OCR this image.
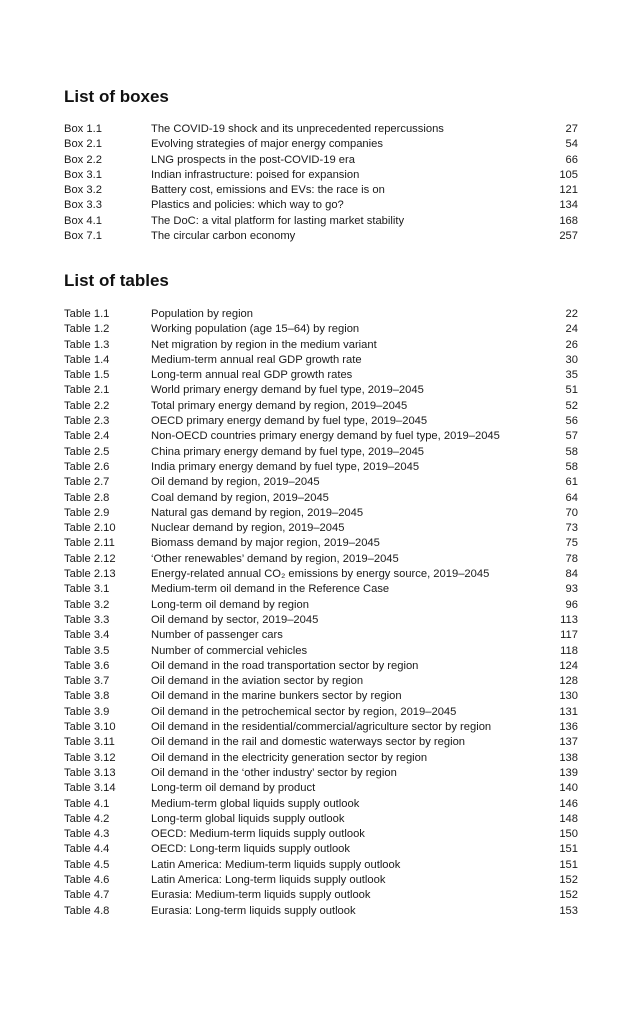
List of boxes
Box 1.1	The COVID-19 shock and its unprecedented repercussions	27
Box 2.1	Evolving strategies of major energy companies	54
Box 2.2	LNG prospects in the post-COVID-19 era	66
Box 3.1	Indian infrastructure: poised for expansion	105
Box 3.2	Battery cost, emissions and EVs: the race is on	121
Box 3.3	Plastics and policies: which way to go?	134
Box 4.1	The DoC: a vital platform for lasting market stability	168
Box 7.1	The circular carbon economy	257
List of tables
Table 1.1	Population by region	22
Table 1.2	Working population (age 15–64) by region	24
Table 1.3	Net migration by region in the medium variant	26
Table 1.4	Medium-term annual real GDP growth rate	30
Table 1.5	Long-term annual real GDP growth rates	35
Table 2.1	World primary energy demand by fuel type, 2019–2045	51
Table 2.2	Total primary energy demand by region, 2019–2045	52
Table 2.3	OECD primary energy demand by fuel type, 2019–2045	56
Table 2.4	Non-OECD countries primary energy demand by fuel type, 2019–2045	57
Table 2.5	China primary energy demand by fuel type, 2019–2045	58
Table 2.6	India primary energy demand by fuel type, 2019–2045	58
Table 2.7	Oil demand by region, 2019–2045	61
Table 2.8	Coal demand by region, 2019–2045	64
Table 2.9	Natural gas demand by region, 2019–2045	70
Table 2.10	Nuclear demand by region, 2019–2045	73
Table 2.11	Biomass demand by major region, 2019–2045	75
Table 2.12	‘Other renewables’ demand by region, 2019–2045	78
Table 2.13	Energy-related annual CO₂ emissions by energy source, 2019–2045	84
Table 3.1	Medium-term oil demand in the Reference Case	93
Table 3.2	Long-term oil demand by region	96
Table 3.3	Oil demand by sector, 2019–2045	113
Table 3.4	Number of passenger cars	117
Table 3.5	Number of commercial vehicles	118
Table 3.6	Oil demand in the road transportation sector by region	124
Table 3.7	Oil demand in the aviation sector by region	128
Table 3.8	Oil demand in the marine bunkers sector by region	130
Table 3.9	Oil demand in the petrochemical sector by region, 2019–2045	131
Table 3.10	Oil demand in the residential/commercial/agriculture sector by region	136
Table 3.11	Oil demand in the rail and domestic waterways sector by region	137
Table 3.12	Oil demand in the electricity generation sector by region	138
Table 3.13	Oil demand in the ‘other industry’ sector by region	139
Table 3.14	Long-term oil demand by product	140
Table 4.1	Medium-term global liquids supply outlook	146
Table 4.2	Long-term global liquids supply outlook	148
Table 4.3	OECD: Medium-term liquids supply outlook	150
Table 4.4	OECD: Long-term liquids supply outlook	151
Table 4.5	Latin America: Medium-term liquids supply outlook	151
Table 4.6	Latin America: Long-term liquids supply outlook	152
Table 4.7	Eurasia: Medium-term liquids supply outlook	152
Table 4.8	Eurasia: Long-term liquids supply outlook	153
